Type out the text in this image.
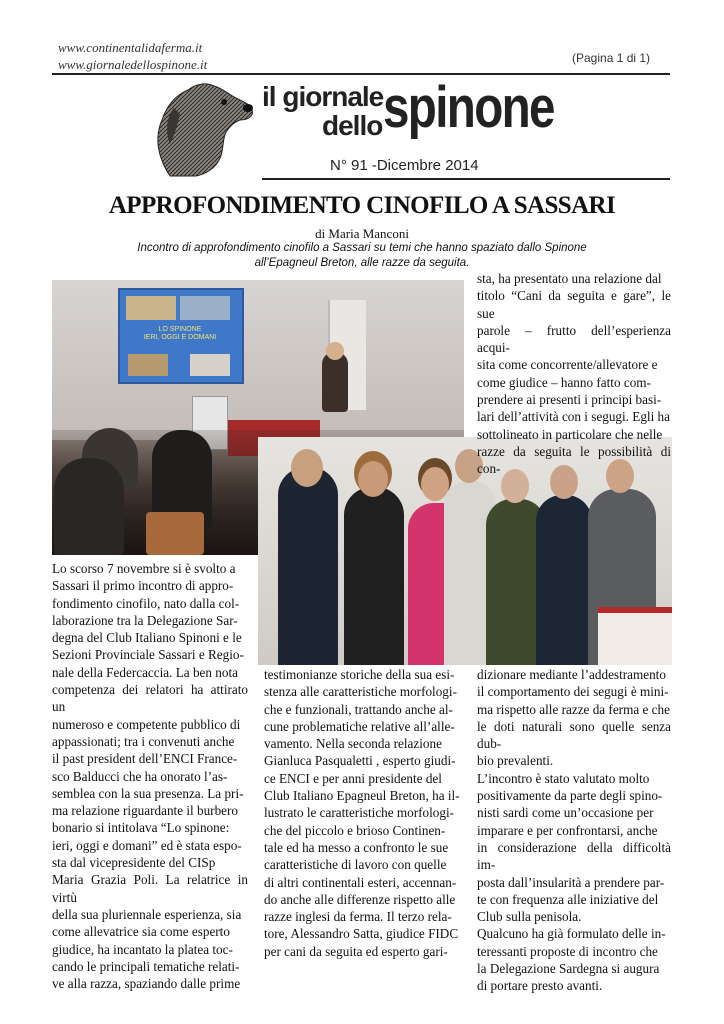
www.continentalidaferma.it
www.giornaledellospinone.it	(Pagina 1 di 1)
il giornale
dello spinone
N° 91 -Dicembre 2014
APPROFONDIMENTO CINOFILO A SASSARI
di Maria Manconi
Incontro di approfondimento cinofilo a Sassari su temi che hanno spaziato dallo Spinone
all’Epagneul Breton, alle razze da seguita.
LO SPINONE
IERI, OGGI E DOMANI

sta, ha presentato una relazione dal

titolo “Cani da seguita e gare”, le sue

parole – frutto dell’esperienza acqui-

sita come concorrente/allevatore e

come giudice – hanno fatto com-

prendere ai presenti i principi basi-

lari dell’attività con i segugi. Egli ha

sottolineato in particolare che nelle

razze da seguita le possibilità di con-

Lo scorso 7 novembre si è svolto a

Sassari il primo incontro di appro-

fondimento cinofilo, nato dalla col-

laborazione tra la Delegazione Sar-

degna del Club Italiano Spinoni e le

Sezioni Provinciale Sassari e Regio-

nale della Federcaccia. La ben nota

competenza dei relatori ha attirato un

numeroso e competente pubblico di

appassionati; tra i convenuti anche

il past president dell’ENCI France-

sco Balducci che ha onorato l’as-

semblea con la sua presenza. La pri-

ma relazione riguardante il burbero

bonario si intitolava “Lo spinone:

ieri, oggi e domani” ed è stata espo-

sta dal vicepresidente del CISp

Maria Grazia Poli. La relatrice in virtù

della sua pluriennale esperienza, sia

come allevatrice sia come esperto

giudice, ha incantato la platea toc-

cando le principali tematiche relati-

ve alla razza, spaziando dalle prime

testimonianze storiche della sua esi-

stenza alle caratteristiche morfologi-

che e funzionali, trattando anche al-

cune problematiche relative all’alle-

vamento. Nella seconda relazione

Gianluca Pasqualetti , esperto giudi-

ce ENCI e per anni presidente del

Club Italiano Epagneul Breton, ha il-

lustrato le caratteristiche morfologi-

che del piccolo e brioso Continen-

tale ed ha messo a confronto le sue

caratteristiche di lavoro con quelle

di altri continentali esteri, accennan-

do anche alle differenze rispetto alle

razze inglesi da ferma. Il terzo rela-

tore, Alessandro Satta, giudice FIDC

per cani da seguita ed esperto gari-

dizionare mediante l’addestramento

il comportamento dei segugi è mini-

ma rispetto alle razze da ferma e che

le doti naturali sono quelle senza dub-

bio prevalenti.

L’incontro è stato valutato molto

positivamente da parte degli spino-

nisti sardi come un’occasione per

imparare e per confrontarsi, anche

in considerazione della difficoltà im-

posta dall’insularità a prendere par-

te con frequenza alle iniziative del

Club sulla penisola.

Qualcuno ha già formulato delle in-

teressanti proposte di incontro che

la Delegazione Sardegna si augura

di portare presto avanti.
